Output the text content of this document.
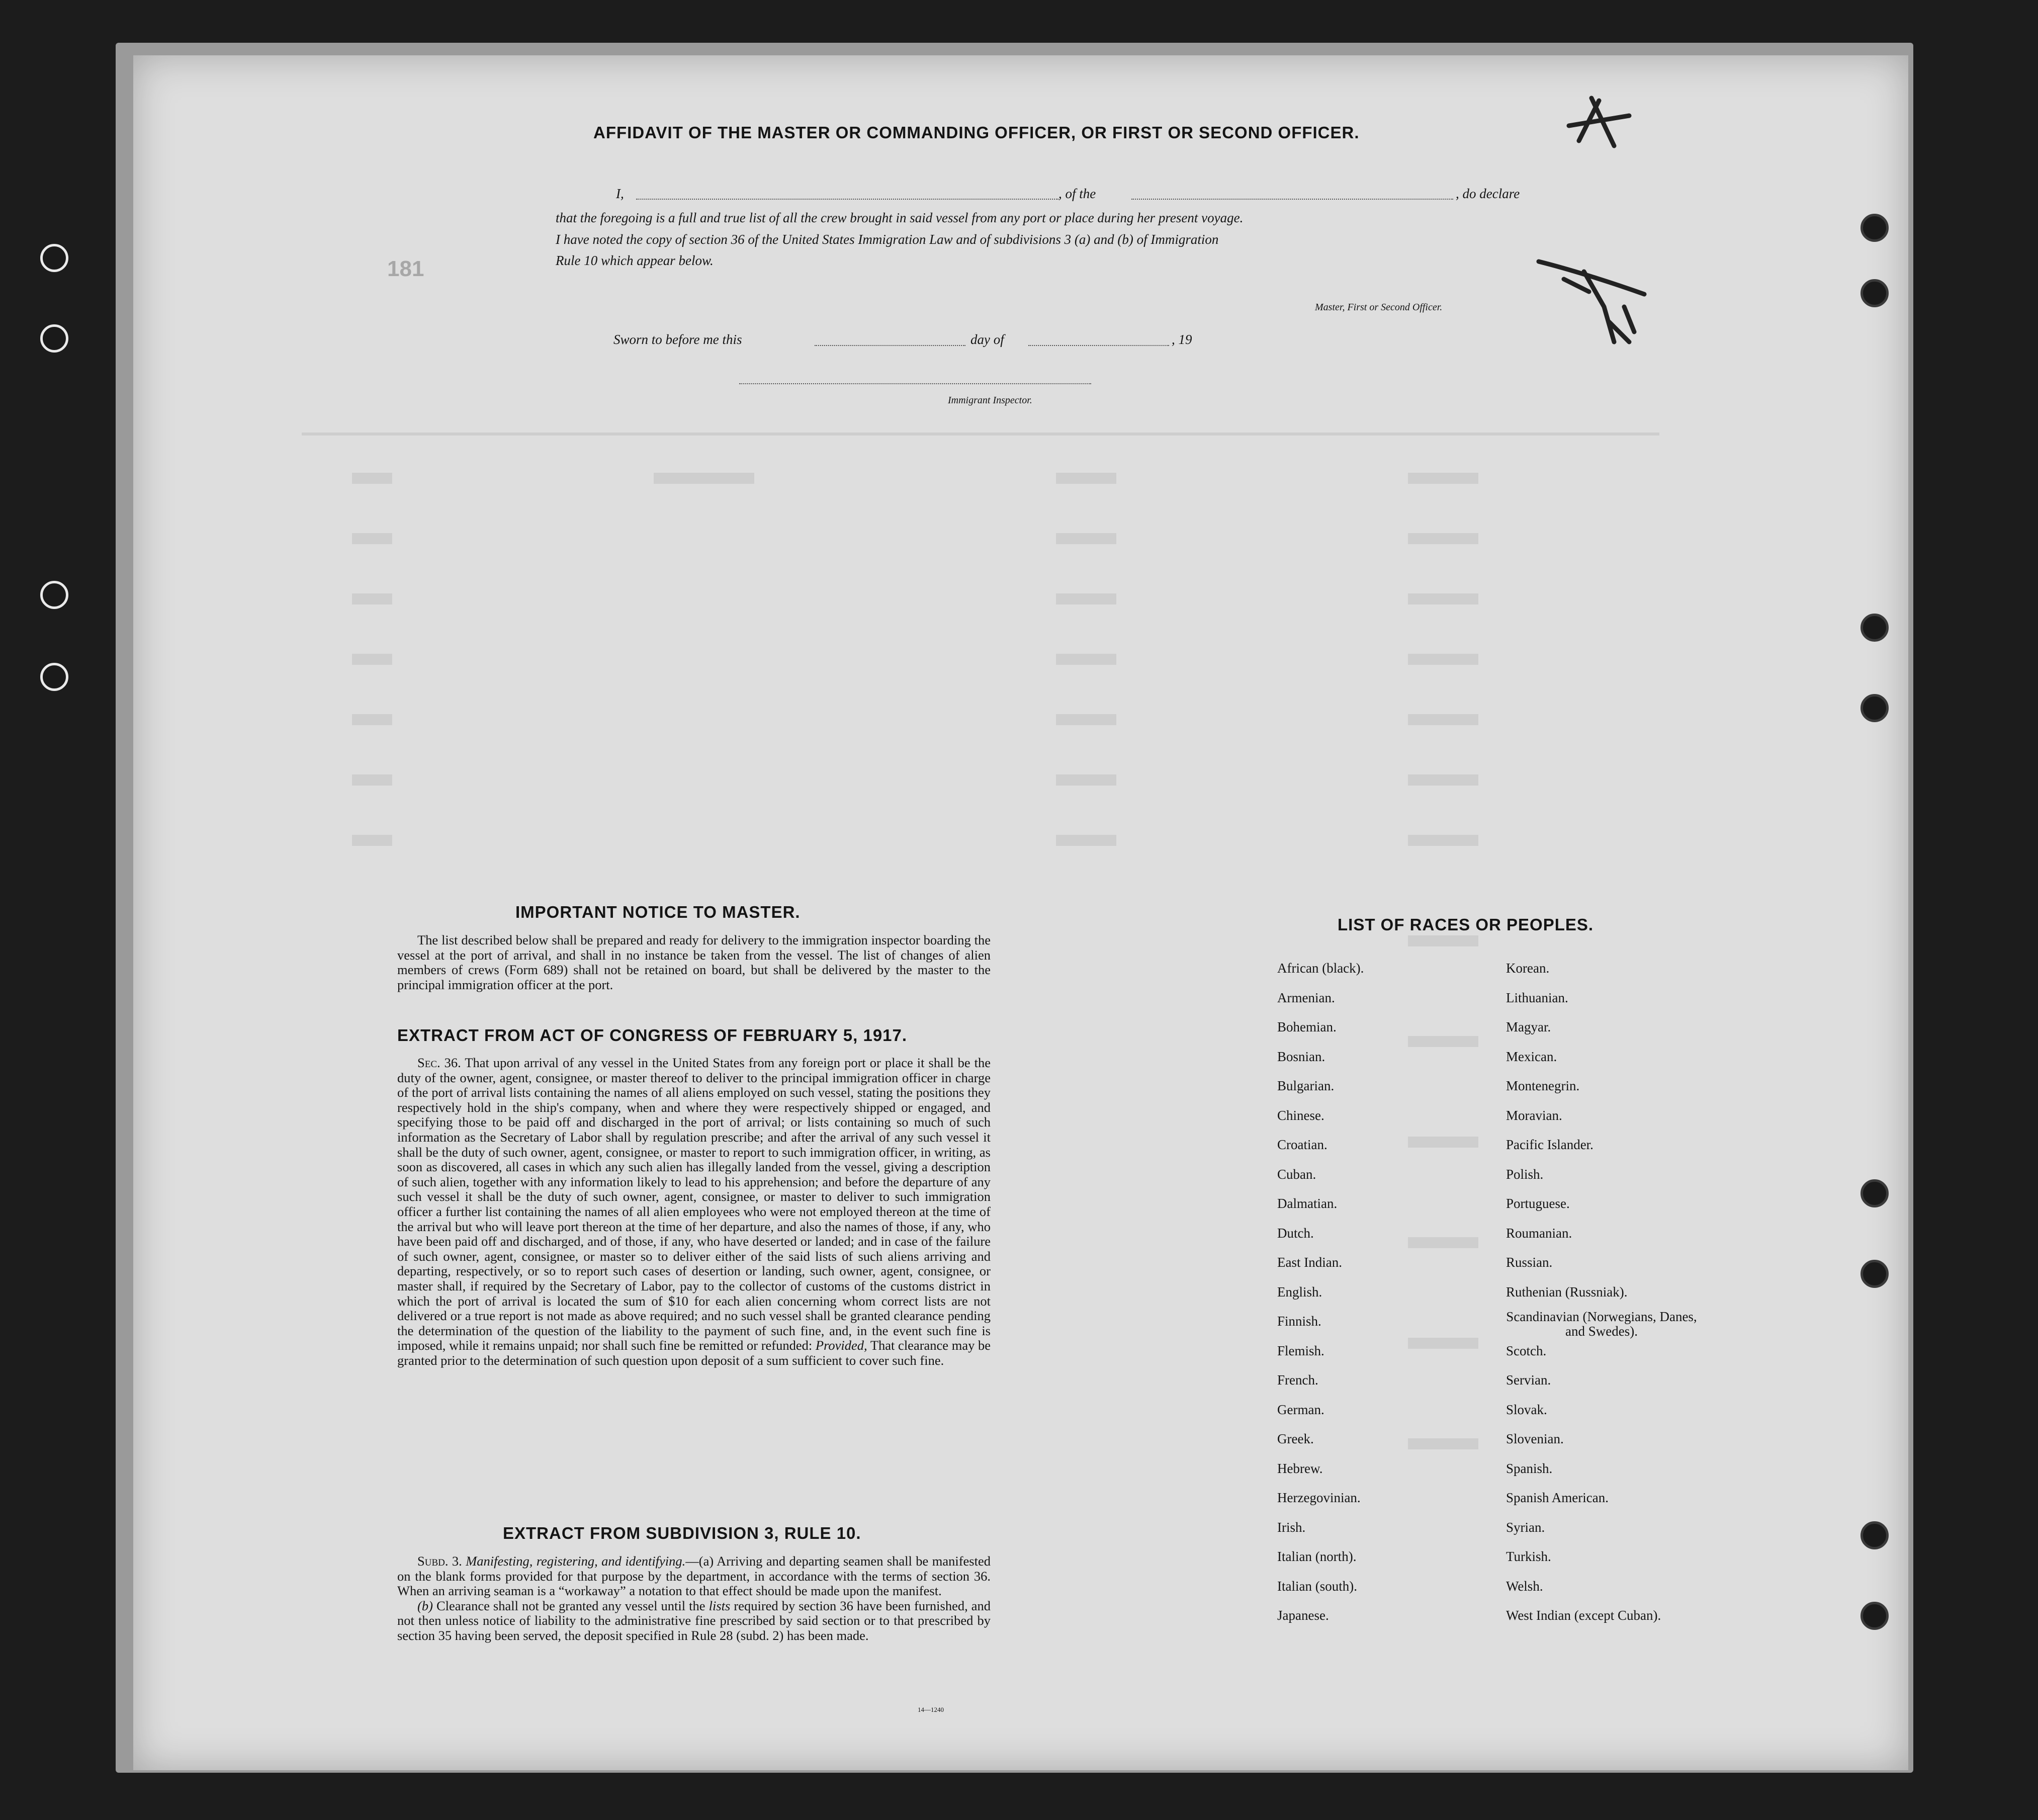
AFFIDAVIT OF THE MASTER OR COMMANDING OFFICER, OR FIRST OR SECOND OFFICER.
I,	, of the	, do declare
that the foregoing is a full and true list of all the crew brought in said vessel from any port or place during her present voyage.
I have noted the copy of section 36 of the United States Immigration Law and of subdivisions 3 (a) and (b) of Immigration
Rule 10 which appear below.
Master, First or Second Officer.
Sworn to before me this	day of	, 19
Immigrant Inspector.
181
IMPORTANT NOTICE TO MASTER.
The list described below shall be prepared and ready for delivery to the immigration inspector boarding the vessel at the port of arrival, and shall in no instance be taken from the vessel. The list of changes of alien members of crews (Form 689) shall not be retained on board, but shall be delivered by the master to the principal immigration officer at the port.
EXTRACT FROM ACT OF CONGRESS OF FEBRUARY 5, 1917.
Sec. 36. That upon arrival of any vessel in the United States from any foreign port or place it shall be the duty of the owner, agent, consignee, or master thereof to deliver to the principal immigration officer in charge of the port of arrival lists containing the names of all aliens employed on such vessel, stating the positions they respectively hold in the ship's company, when and where they were respectively shipped or engaged, and specifying those to be paid off and discharged in the port of arrival; or lists containing so much of such information as the Secretary of Labor shall by regulation prescribe; and after the arrival of any such vessel it shall be the duty of such owner, agent, consignee, or master to report to such immigration officer, in writing, as soon as discovered, all cases in which any such alien has illegally landed from the vessel, giving a description of such alien, together with any information likely to lead to his apprehension; and before the departure of any such vessel it shall be the duty of such owner, agent, consignee, or master to deliver to such immigration officer a further list containing the names of all alien employees who were not employed thereon at the time of the arrival but who will leave port thereon at the time of her departure, and also the names of those, if any, who have been paid off and discharged, and of those, if any, who have deserted or landed; and in case of the failure of such owner, agent, consignee, or master so to deliver either of the said lists of such aliens arriving and departing, respectively, or so to report such cases of desertion or landing, such owner, agent, consignee, or master shall, if required by the Secretary of Labor, pay to the collector of customs of the customs district in which the port of arrival is located the sum of $10 for each alien concerning whom correct lists are not delivered or a true report is not made as above required; and no such vessel shall be granted clearance pending the determination of the question of the liability to the payment of such fine, and, in the event such fine is imposed, while it remains unpaid; nor shall such fine be remitted or refunded: Provided, That clearance may be granted prior to the determination of such question upon deposit of a sum sufficient to cover such fine.
EXTRACT FROM SUBDIVISION 3, RULE 10.
Subd. 3. Manifesting, registering, and identifying.—(a) Arriving and departing seamen shall be manifested on the blank forms provided for that purpose by the department, in accordance with the terms of section 36. When an arriving seaman is a “workaway” a notation to that effect should be made upon the manifest.
(b) Clearance shall not be granted any vessel until the lists required by section 36 have been furnished, and not then unless notice of liability to the administrative fine prescribed by said section or to that prescribed by section 35 having been served, the deposit specified in Rule 28 (subd. 2) has been made.
14—1240
LIST OF RACES OR PEOPLES.
African (black).
Armenian.
Bohemian.
Bosnian.
Bulgarian.
Chinese.
Croatian.
Cuban.
Dalmatian.
Dutch.
East Indian.
English.
Finnish.
Flemish.
French.
German.
Greek.
Hebrew.
Herzegovinian.
Irish.
Italian (north).
Italian (south).
Japanese.
Korean.
Lithuanian.
Magyar.
Mexican.
Montenegrin.
Moravian.
Pacific Islander.
Polish.
Portuguese.
Roumanian.
Russian.
Ruthenian (Russniak).
Scandinavian (Norwegians, Danes, and Swedes).
Scotch.
Servian.
Slovak.
Slovenian.
Spanish.
Spanish American.
Syrian.
Turkish.
Welsh.
West Indian (except Cuban).
